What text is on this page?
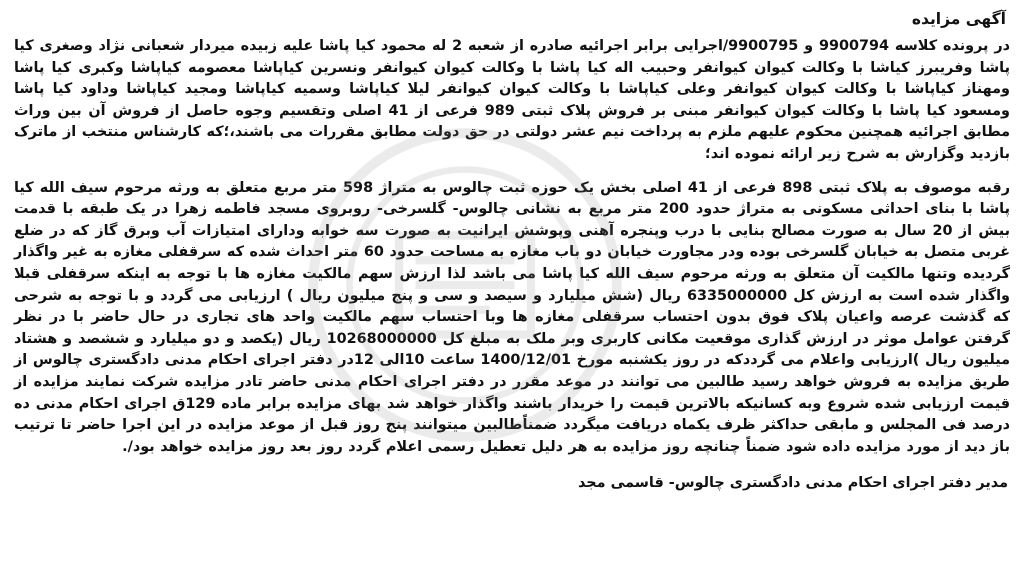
آگهی مزایده

در پرونده کلاسه 9900794 و 9900795/اجرایی برابر اجرائیه صادره از شعبه 2 له محمود کیا پاشا علیه زبیده میردار شعبانی نژاد وصغری کیا پاشا وفریبرز کیاشا با وکالت کیوان کیوانفر وحبیب اله کیا پاشا با وکالت کیوان کیوانفر ونسرین کیاپاشا معصومه کیاپاشا وکبری کیا پاشا ومهناز کیاپاشا با وکالت کیوان کیوانفر وعلی کیاپاشا با وکالت کیوان کیوانفر لیلا کیاپاشا وسمیه کیاپاشا ومجید کیاپاشا وداود کیا پاشا ومسعود کیا پاشا با وکالت کیوان کیوانفر مبنی بر فروش پلاک ثبتی 989 فرعی از 41 اصلی وتقسیم وجوه حاصل از فروش آن بین وراث مطابق اجرائیه همچنین محکوم علیهم ملزم به پرداخت نیم عشر دولتی در حق دولت مطابق مقررات می باشند،؛که کارشناس منتخب از ماترک بازدید وگزارش به شرح زیر ارائه نموده اند؛

رقبه موصوف به پلاک ثبتی 898 فرعی از 41 اصلی بخش یک حوزه ثبت چالوس به متراژ 598 متر مربع متعلق به ورثه مرحوم سیف الله کیا پاشا با بنای احداثی مسکونی به متراژ حدود 200 متر مربع به نشانی چالوس- گلسرخی- روبروی مسجد فاطمه زهرا در یک طبقه با قدمت بیش از 20 سال به صورت مصالح بنایی با درب وپنجره آهنی وپوشش ایرانیت به صورت سه خوابه ودارای امتیازات آب وبرق گاز که در ضلع غربی متصل به خیابان گلسرخی بوده ودر مجاورت خیابان دو باب مغازه به مساحت حدود 60 متر احداث شده که سرقفلی مغازه به غیر واگذار گردیده وتنها مالکیت آن متعلق به ورثه مرحوم سیف الله کیا پاشا می باشد لذا ارزش سهم مالکیت مغازه ها با توجه به اینکه سرقفلی قبلا واگذار شده است به ارزش کل 6335000000 ریال (شش میلیارد و سیصد و سی و پنج میلیون ریال ) ارزیابی می گردد و با توجه به شرحی که گذشت عرصه واعیان پلاک فوق بدون احتساب سرقفلی مغازه ها وبا احتساب سهم مالکیت واحد های تجاری در حال حاضر با در نظر گرفتن عوامل موثر در ارزش گذاری موقعیت مکانی کاربری وبر ملک به مبلغ کل 10268000000 ریال (یکصد و دو میلیارد و ششصد و هشتاد میلیون ریال )ارزیابی واعلام می گرددکه در روز یکشنبه مورخ 1400/12/01 ساعت 10الی 12در دفتر اجرای احکام مدنی دادگستری چالوس از طریق مزایده به فروش خواهد رسید طالبین می توانند در موعد مقرر در دفتر اجرای احکام مدنی حاضر تادر مزایده شرکت نمایند مزایده از قیمت ارزیابی شده شروع وبه کسانیکه بالاترین قیمت را خریدار باشند واگذار خواهد شد بهای مزایده برابر ماده 129ق اجرای احکام مدنی ده درصد فی المجلس و مابقی حداکثر ظرف یکماه دریافت میگردد ضمناًطالبین میتوانند پنج روز قبل از موعد مزایده در این اجرا حاضر تا ترتیب باز دید از مورد مزایده داده شود ضمناً چنانچه روز مزایده به هر دلیل تعطیل رسمی اعلام گردد روز بعد روز مزایده خواهد بود/.

مدیر دفتر اجرای احکام مدنی دادگستری چالوس- قاسمی مجد
